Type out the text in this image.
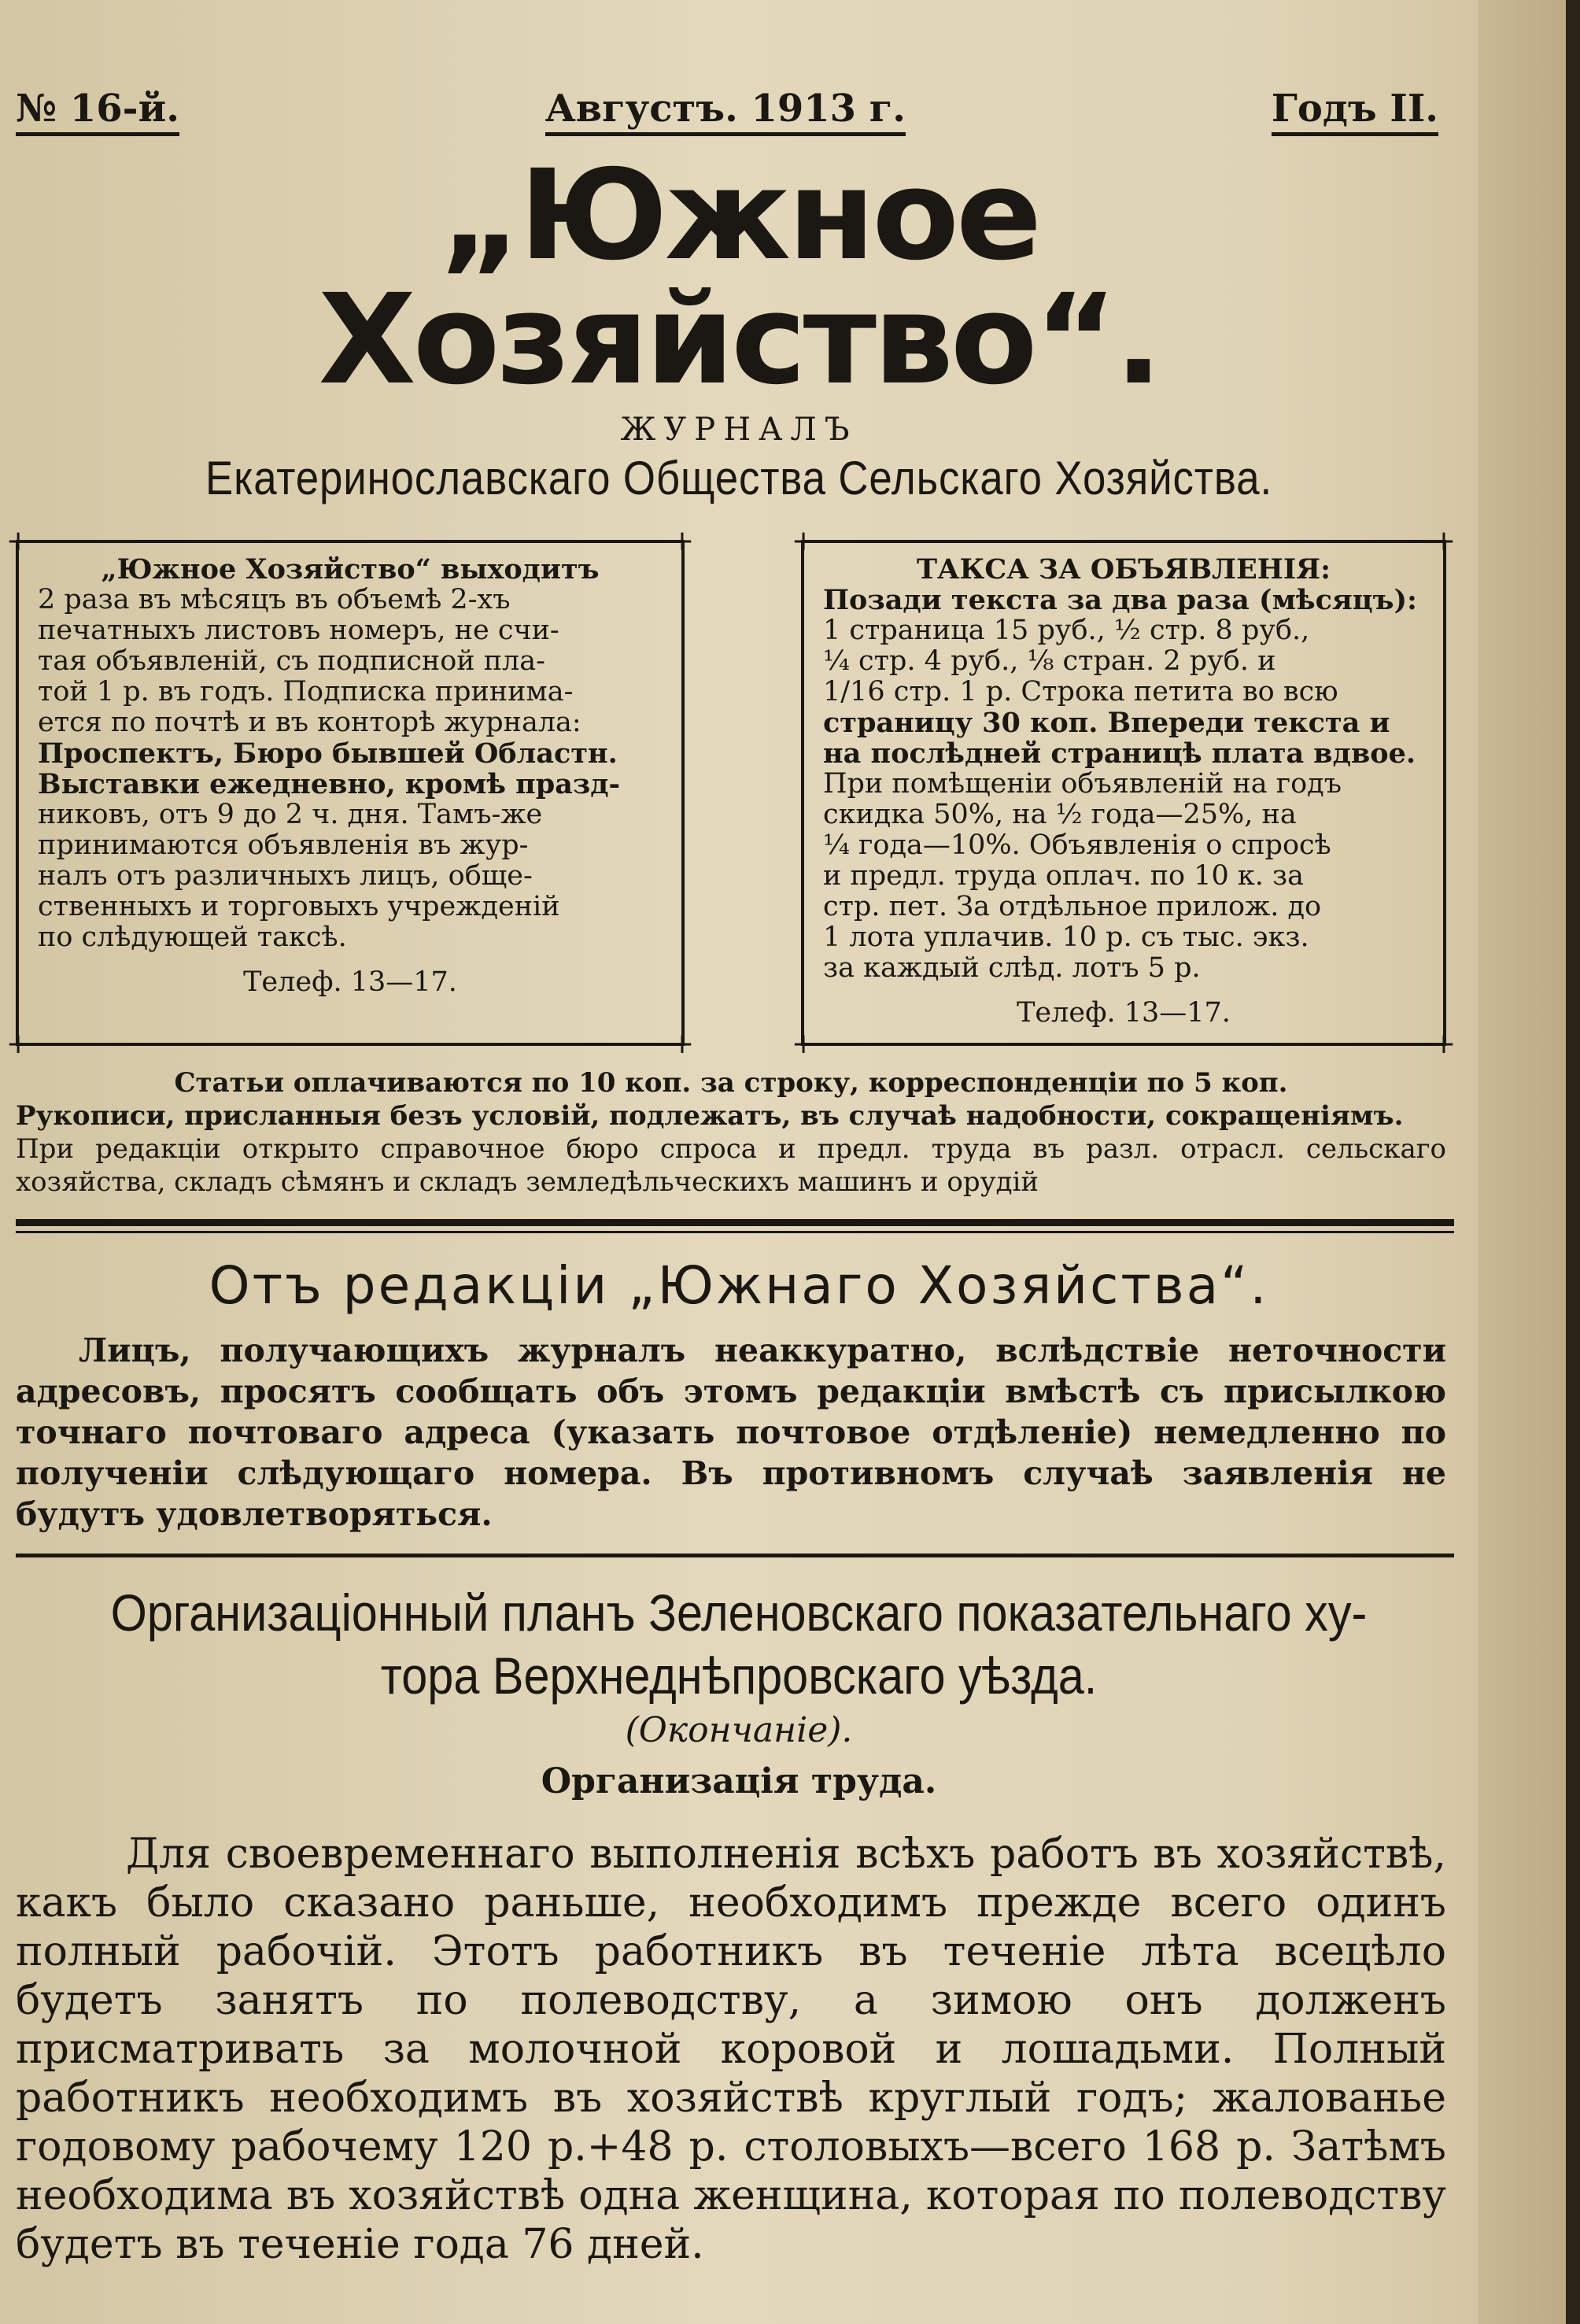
№ 16-й.	Августъ. 1913 г.	Годъ II.
„Южное Хозяйство“.
ЖУРНАЛЪ
Екатеринославскаго Общества Сельскаго Хозяйства.
+	+
+	+
„Южное Хозяйство“ выходитъ
2 раза въ мѣсяцъ въ объемѣ 2-хъ
печатныхъ листовъ номеръ, не счи-
тая объявленій, съ подписной пла-
той 1 р. въ годъ. Подписка принима-
ется по почтѣ и въ конторѣ журнала:
Проспектъ, Бюро бывшей Областн.
Выставки ежедневно, кромѣ празд-
никовъ, отъ 9 до 2 ч. дня. Тамъ-же
принимаются объявленія въ жур-
налъ отъ различныхъ лицъ, обще-
ственныхъ и торговыхъ учрежденій
по слѣдующей таксѣ.
Телеф. 13—17.
+	+
+	+
ТАКСА ЗА ОБЪЯВЛЕНІЯ:
Позади текста за два раза (мѣсяцъ):
1 страница 15 руб., ½ стр. 8 руб.,
¼ стр. 4 руб., ⅛ стран. 2 руб. и
1/16 стр. 1 р. Строка петита во всю
страницу 30 коп. Впереди текста и
на послѣдней страницѣ плата вдвое.
При помѣщеніи объявленій на годъ
скидка 50%, на ½ года—25%, на
¼ года—10%. Объявленія о спросѣ
и предл. труда оплач. по 10 к. за
стр. пет. За отдѣльное прилож. до
1 лота уплачив. 10 р. съ тыс. экз.
за каждый слѣд. лотъ 5 р.
Телеф. 13—17.
Статьи оплачиваются по 10 коп. за строку, корреспонденціи по 5 коп.
Рукописи, присланныя безъ условій, подлежатъ, въ случаѣ надобности, сокращеніямъ.
При редакціи открыто справочное бюро спроса и предл. труда въ разл. отрасл. сельскаго хозяйства, складъ сѣмянъ и складъ земледѣльческихъ машинъ и орудій
Отъ редакціи „Южнаго Хозяйства“.
Лицъ, получающихъ журналъ неаккуратно, вслѣдствіе неточности адресовъ, просятъ сообщать объ этомъ редакціи вмѣстѣ съ присылкою точнаго почтоваго адреса (указать почтовое отдѣленіе) немедленно по полученіи слѣдующаго номера. Въ противномъ случаѣ заявленія не будутъ удовлетворяться.
Организаціонный планъ Зеленовскаго показательнаго ху-
тора Верхнеднѣпровскаго уѣзда.
(Окончаніе).
Организація труда.
Для своевременнаго выполненія всѣхъ работъ въ хозяйствѣ, какъ было сказано раньше, необходимъ прежде всего одинъ полный рабочій. Этотъ работникъ въ теченіе лѣта всецѣло будетъ занятъ по полеводству, а зимою онъ долженъ присматривать за молочной коровой и лошадьми. Полный работникъ необходимъ въ хозяйствѣ круглый годъ; жалованье годовому рабочему 120 р.+48 р. столовыхъ—всего 168 р. Затѣмъ необходима въ хозяйствѣ одна женщина, которая по полеводству будетъ въ теченіе года 76 дней.
